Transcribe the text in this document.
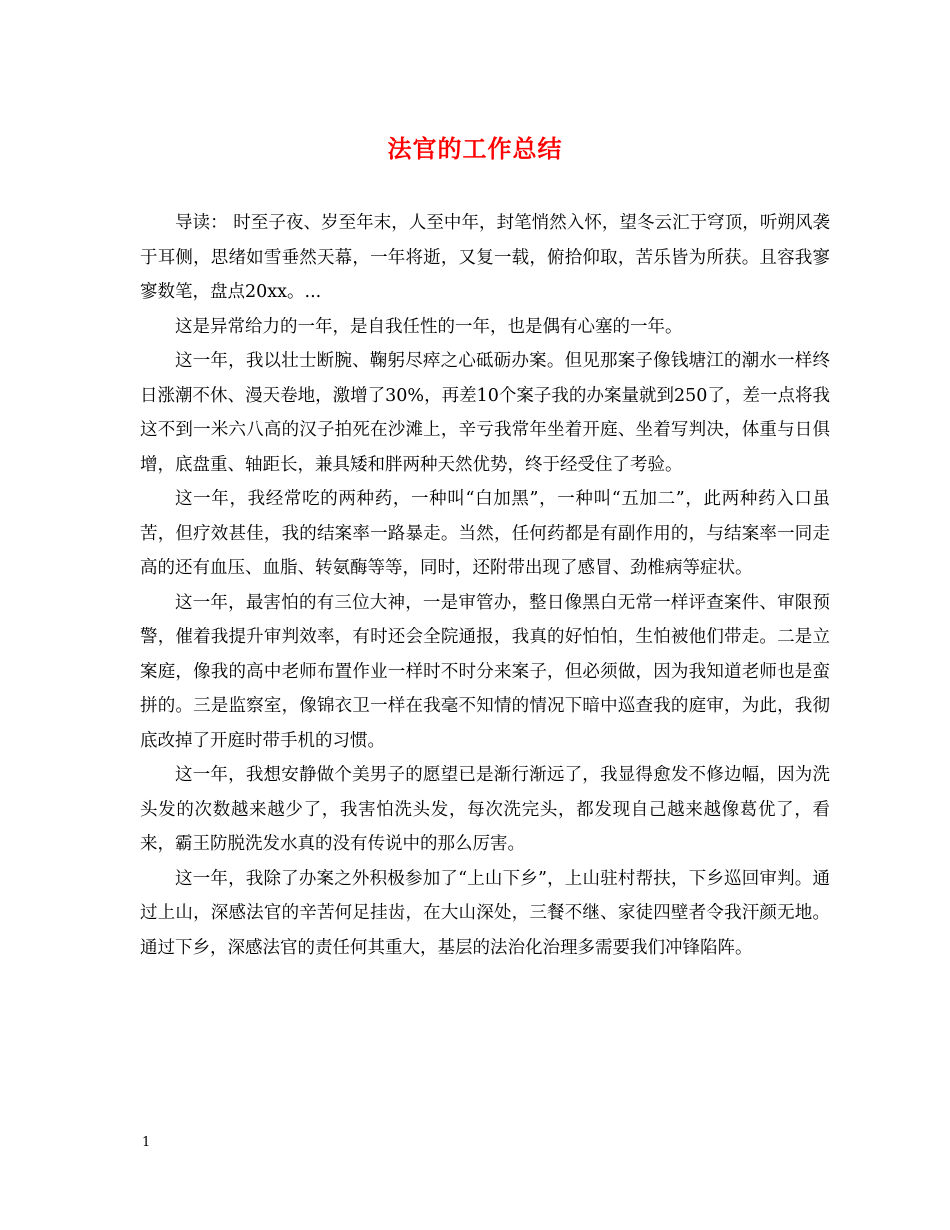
法官的工作总结

导读： 时至子夜、岁至年末，人至中年，封笔悄然入怀，望冬云汇于穹顶，听朔风袭于耳侧，思绪如雪垂然天幕，一年将逝，又复一载，俯拾仰取，苦乐皆为所获。且容我寥寥数笔，盘点20xx。...

这是异常给力的一年，是自我任性的一年，也是偶有心塞的一年。

这一年，我以壮士断腕、鞠躬尽瘁之心砥砺办案。但见那案子像钱塘江的潮水一样终日涨潮不休、漫天卷地，激增了30%，再差10个案子我的办案量就到250了，差一点将我这不到一米六八高的汉子拍死在沙滩上，辛亏我常年坐着开庭、坐着写判决，体重与日俱增，底盘重、轴距长，兼具矮和胖两种天然优势，终于经受住了考验。

这一年，我经常吃的两种药，一种叫“白加黑”，一种叫“五加二”，此两种药入口虽苦，但疗效甚佳，我的结案率一路暴走。当然，任何药都是有副作用的，与结案率一同走高的还有血压、血脂、转氨酶等等，同时，还附带出现了感冒、劲椎病等症状。

这一年，最害怕的有三位大神，一是审管办，整日像黑白无常一样评查案件、审限预警，催着我提升审判效率，有时还会全院通报，我真的好怕怕，生怕被他们带走。二是立案庭，像我的高中老师布置作业一样时不时分来案子，但必须做，因为我知道老师也是蛮拼的。三是监察室，像锦衣卫一样在我毫不知情的情况下暗中巡查我的庭审，为此，我彻底改掉了开庭时带手机的习惯。

这一年，我想安静做个美男子的愿望已是渐行渐远了，我显得愈发不修边幅，因为洗头发的次数越来越少了，我害怕洗头发，每次洗完头，都发现自己越来越像葛优了，看来，霸王防脱洗发水真的没有传说中的那么厉害。

这一年，我除了办案之外积极参加了“上山下乡”，上山驻村帮扶，下乡巡回审判。通过上山，深感法官的辛苦何足挂齿，在大山深处，三餐不继、家徒四壁者令我汗颜无地。通过下乡，深感法官的责任何其重大，基层的法治化治理多需要我们冲锋陷阵。

1
